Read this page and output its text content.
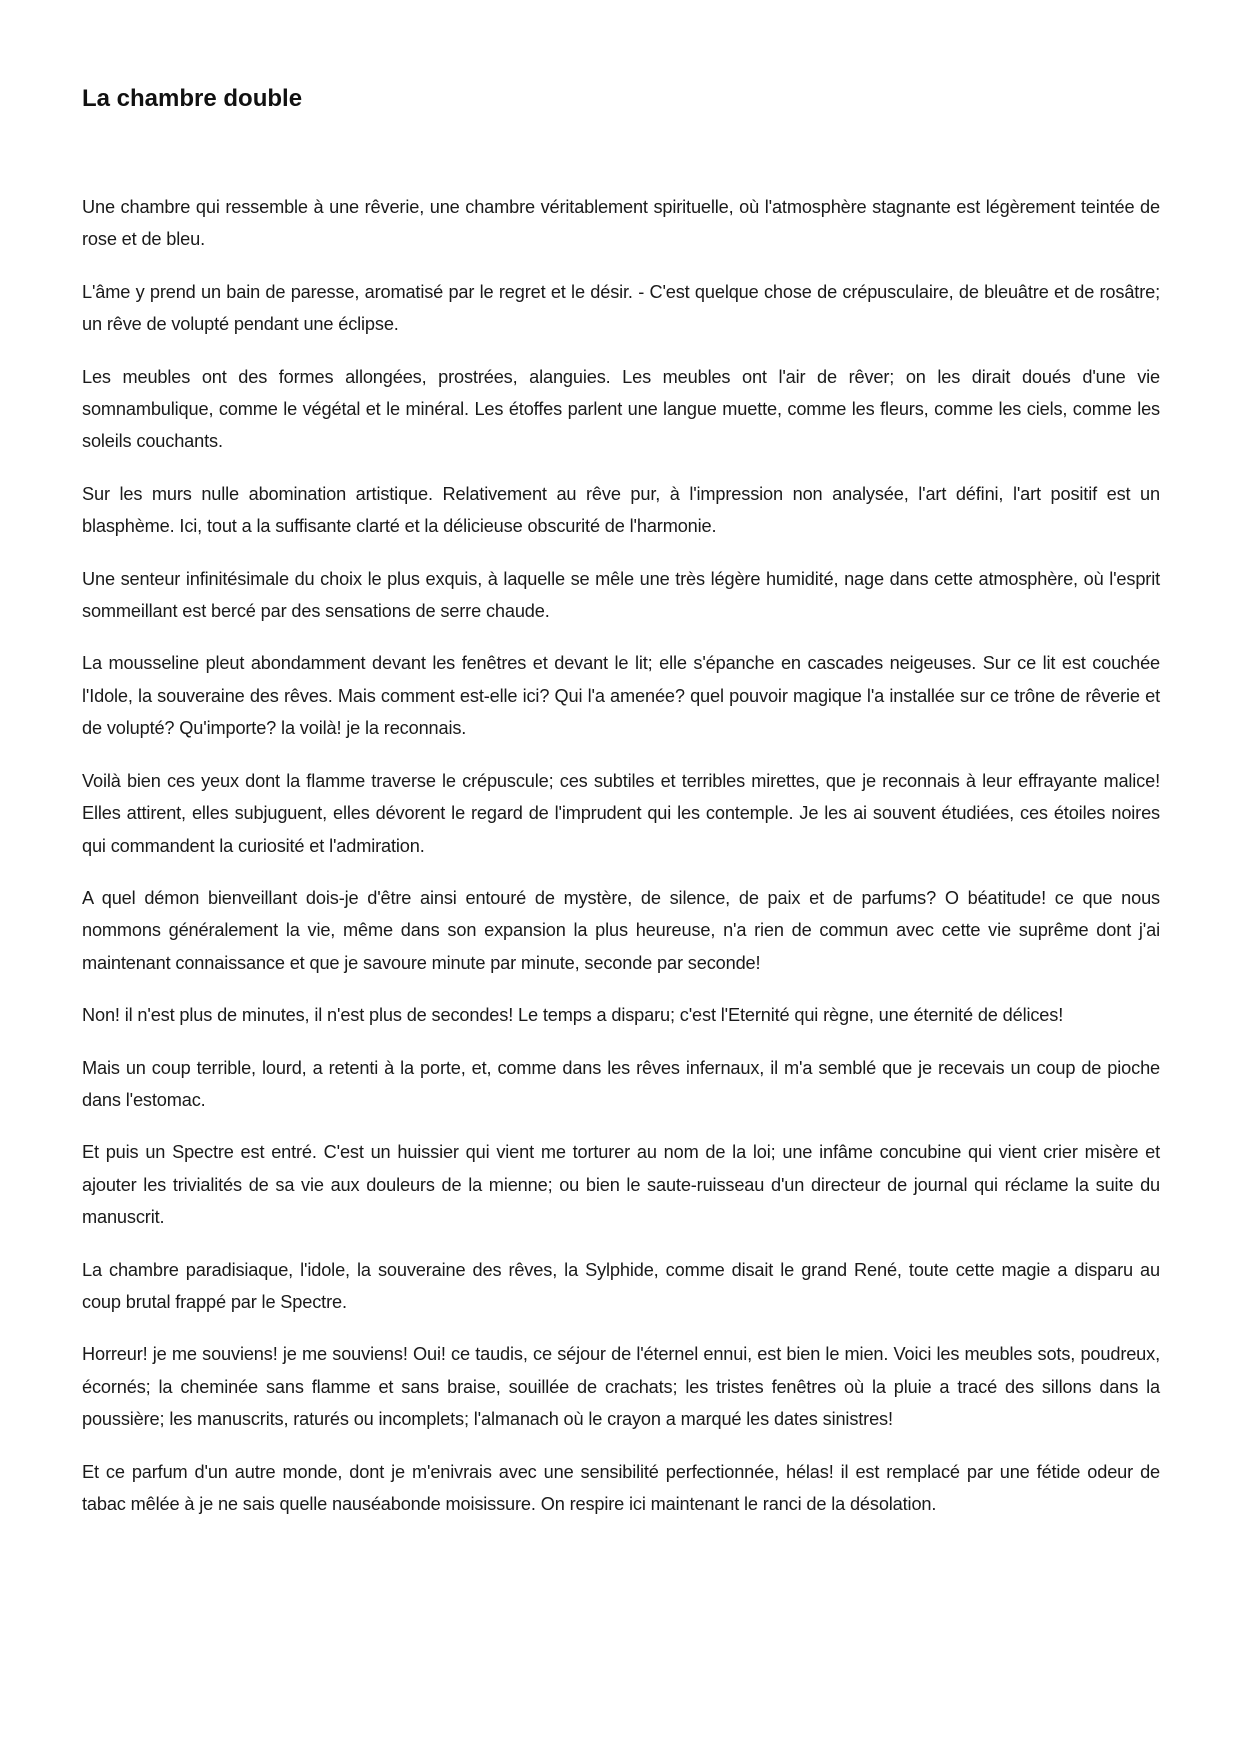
La chambre double

Une chambre qui ressemble à une rêverie, une chambre véritablement spirituelle, où l'atmosphère stagnante est légèrement teintée de rose et de bleu.

L'âme y prend un bain de paresse, aromatisé par le regret et le désir. - C'est quelque chose de crépusculaire, de bleuâtre et de rosâtre; un rêve de volupté pendant une éclipse.

Les meubles ont des formes allongées, prostrées, alanguies. Les meubles ont l'air de rêver; on les dirait doués d'une vie somnambulique, comme le végétal et le minéral. Les étoffes parlent une langue muette, comme les fleurs, comme les ciels, comme les soleils couchants.

Sur les murs nulle abomination artistique. Relativement au rêve pur, à l'impression non analysée, l'art défini, l'art positif est un blasphème. Ici, tout a la suffisante clarté et la délicieuse obscurité de l'harmonie.

Une senteur infinitésimale du choix le plus exquis, à laquelle se mêle une très légère humidité, nage dans cette atmosphère, où l'esprit sommeillant est bercé par des sensations de serre chaude.

La mousseline pleut abondamment devant les fenêtres et devant le lit; elle s'épanche en cascades neigeuses. Sur ce lit est couchée l'Idole, la souveraine des rêves. Mais comment est-elle ici? Qui l'a amenée? quel pouvoir magique l'a installée sur ce trône de rêverie et de volupté? Qu'importe? la voilà! je la reconnais.

Voilà bien ces yeux dont la flamme traverse le crépuscule; ces subtiles et terribles mirettes, que je reconnais à leur effrayante malice! Elles attirent, elles subjuguent, elles dévorent le regard de l'imprudent qui les contemple. Je les ai souvent étudiées, ces étoiles noires qui commandent la curiosité et l'admiration.

A quel démon bienveillant dois-je d'être ainsi entouré de mystère, de silence, de paix et de parfums? O béatitude! ce que nous nommons généralement la vie, même dans son expansion la plus heureuse, n'a rien de commun avec cette vie suprême dont j'ai maintenant connaissance et que je savoure minute par minute, seconde par seconde!

Non! il n'est plus de minutes, il n'est plus de secondes! Le temps a disparu; c'est l'Eternité qui règne, une éternité de délices!

Mais un coup terrible, lourd, a retenti à la porte, et, comme dans les rêves infernaux, il m'a semblé que je recevais un coup de pioche dans l'estomac.

Et puis un Spectre est entré. C'est un huissier qui vient me torturer au nom de la loi; une infâme concubine qui vient crier misère et ajouter les trivialités de sa vie aux douleurs de la mienne; ou bien le saute-ruisseau d'un directeur de journal qui réclame la suite du manuscrit.

La chambre paradisiaque, l'idole, la souveraine des rêves, la Sylphide, comme disait le grand René, toute cette magie a disparu au coup brutal frappé par le Spectre.

Horreur! je me souviens! je me souviens! Oui! ce taudis, ce séjour de l'éternel ennui, est bien le mien. Voici les meubles sots, poudreux, écornés; la cheminée sans flamme et sans braise, souillée de crachats; les tristes fenêtres où la pluie a tracé des sillons dans la poussière; les manuscrits, raturés ou incomplets; l'almanach où le crayon a marqué les dates sinistres!

Et ce parfum d'un autre monde, dont je m'enivrais avec une sensibilité perfectionnée, hélas! il est remplacé par une fétide odeur de tabac mêlée à je ne sais quelle nauséabonde moisissure. On respire ici maintenant le ranci de la désolation.
